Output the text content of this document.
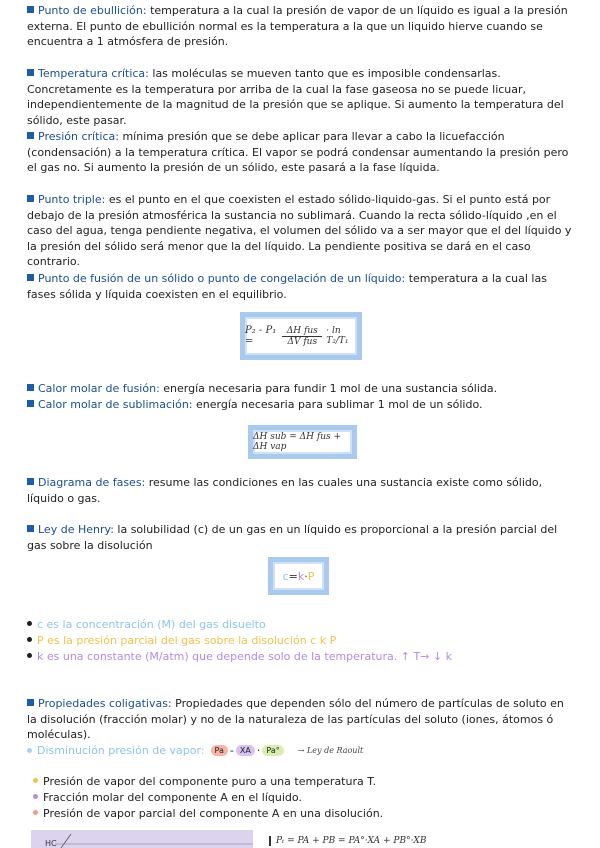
Punto de ebullición: temperatura a la cual la presión de vapor de un líquido es igual a la presión externa. El punto de ebullición normal es la temperatura a la que un liquido hierve cuando se encuentra a 1 atmósfera de presión.
Temperatura crítica: las moléculas se mueven tanto que es imposible condensarlas. Concretamente es la temperatura por arriba de la cual la fase gaseosa no se puede licuar, independientemente de la magnitud de la presión que se aplique. Si aumento la temperatura del sólido, este pasar.
Presión crítica: mínima presión que se debe aplicar para llevar a cabo la licuefacción (condensación) a la temperatura crítica. El vapor se podrá condensar aumentando la presión pero el gas no. Si aumento la presión de un sólido, este pasará a la fase líquida.
Punto triple: es el punto en el que coexisten el estado sólido-liquido-gas. Si el punto está por debajo de la presión atmosférica la sustancia no sublimará. Cuando la recta sólido-líquido ,en el caso del agua, tenga pendiente negativa, el volumen del sólido va a ser mayor que el del líquido y la presión del sólido será menor que la del líquido. La pendiente positiva se dará en el caso contrario.
Punto de fusión de un sólido o punto de congelación de un líquido: temperatura a la cual las fases sólida y líquida coexisten en el equilibrio.
P₂ - P₁ =
ΔH fus
ΔV fus
· ln T₂/T₁
Calor molar de fusión: energía necesaria para fundir 1 mol de una sustancia sólida.
Calor molar de sublimación: energía necesaria para sublimar 1 mol de un sólido.
ΔH sub = ΔH fus + ΔH vap
Diagrama de fases: resume las condiciones en las cuales una sustancia existe como sólido, líquido o gas.
Ley de Henry: la solubilidad (c) de un gas en un líquido es proporcional a la presión parcial del gas sobre la disolución
c = k · P
c es la concentración (M) del gas disuelto
P es la presión parcial del gas sobre la disolución c k P
k es una constante (M/atm) que depende solo de la temperatura. ↑ T→ ↓ k
Propiedades coligativas: Propiedades que dependen sólo del número de partículas de soluto en la disolución (fracción molar) y no de la naturaleza de las partículas del soluto (iones, átomos ó moléculas).
Disminución presión de vapor:	Pa - XA · Pa°	→ Ley de Raoult
Presión de vapor del componente puro a una temperatura T.
Fracción molar del componente A en el líquido.
Presión de vapor parcial del componente A en una disolución.
HC	Pₜ = PA + PB = PA°·XA + PB°·XB
